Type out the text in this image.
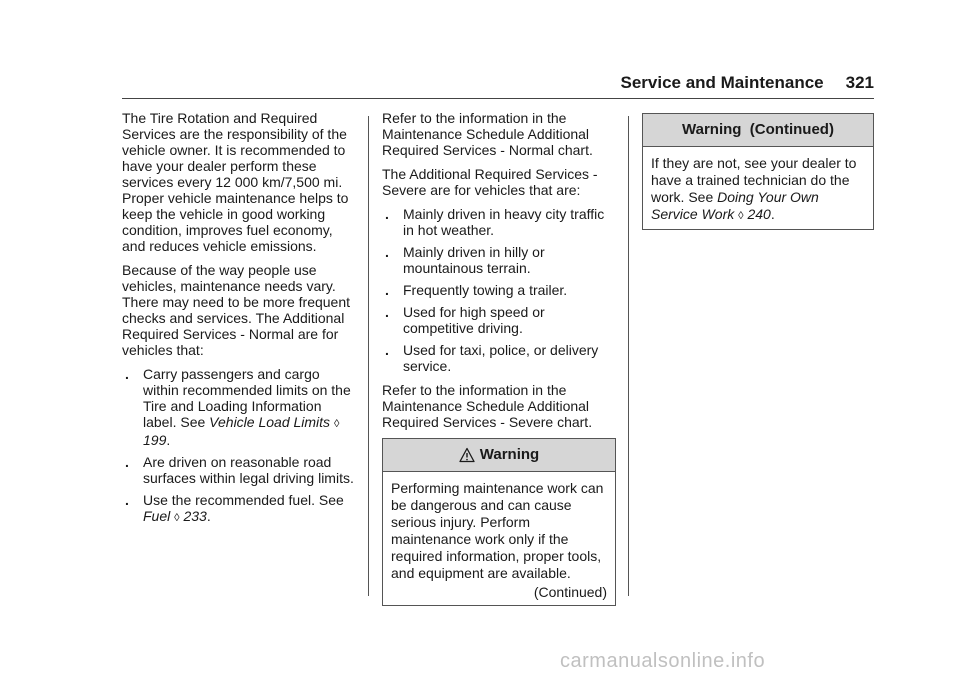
Service and Maintenance 321

The Tire Rotation and Required Services are the responsibility of the vehicle owner. It is recommended to have your dealer perform these services every 12 000 km/7,500 mi. Proper vehicle maintenance helps to keep the vehicle in good working condition, improves fuel economy, and reduces vehicle emissions.

Because of the way people use vehicles, maintenance needs vary. There may need to be more frequent checks and services. The Additional Required Services - Normal are for vehicles that:

. Carry passengers and cargo within recommended limits on the Tire and Loading Information label. See Vehicle Load Limits ◊ 199.
. Are driven on reasonable road surfaces within legal driving limits.
. Use the recommended fuel. See
Fuel ◊ 233.

Refer to the information in the Maintenance Schedule Additional Required Services - Normal chart.

The Additional Required Services - Severe are for vehicles that are:

. Mainly driven in heavy city traffic in hot weather.
. Mainly driven in hilly or mountainous terrain.
. Frequently towing a trailer.
. Used for high speed or competitive driving.
. Used for taxi, police, or delivery service.

Refer to the information in the Maintenance Schedule Additional Required Services - Severe chart.

Warning

Performing maintenance work can be dangerous and can cause serious injury. Perform maintenance work only if the required information, proper tools, and equipment are available.

(Continued)
Warning  (Continued)

If they are not, see your dealer to have a trained technician do the work. See Doing Your Own Service Work ◊ 240.

carmanualsonline.info
